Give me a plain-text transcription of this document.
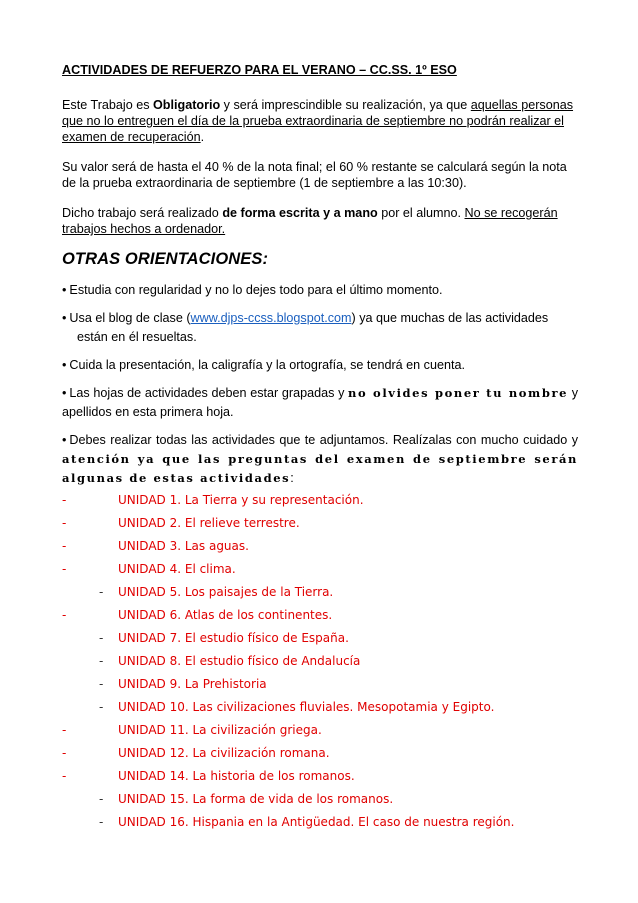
ACTIVIDADES DE REFUERZO PARA EL VERANO – CC.SS. 1º ESO

Este Trabajo es Obligatorio y será imprescindible su realización, ya que aquellas personas que no lo entreguen el día de la prueba extraordinaria de septiembre no podrán realizar el examen de recuperación.

Su valor será de hasta el 40 % de la nota final; el 60 % restante se calculará según la nota de la prueba extraordinaria de septiembre (1 de septiembre a las 10:30).

Dicho trabajo será realizado de forma escrita y a mano por el alumno. No se recogerán trabajos hechos a ordenador.

OTRAS ORIENTACIONES:
• Estudia con regularidad y no lo dejes todo para el último momento.
• Usa el blog de clase (www.djps-ccss.blogspot.com) ya que muchas de las actividades
están en él resueltas.
• Cuida la presentación, la caligrafía y la ortografía, se tendrá en cuenta.
• Las hojas de actividades deben estar grapadas y no olvides poner tu nombre y apellidos en esta primera hoja.
• Debes realizar todas las actividades que te adjuntamos. Realízalas con mucho cuidado y atención ya que las preguntas del examen de septiembre serán algunas de estas actividades:
-	UNIDAD 1. La Tierra y su representación.
-	UNIDAD 2. El relieve terrestre.
-	UNIDAD 3. Las aguas.
-	UNIDAD 4. El clima.
- UNIDAD 5. Los paisajes de la Tierra.
-	UNIDAD 6. Atlas de los continentes.
- UNIDAD 7. El estudio físico de España.
- UNIDAD 8. El estudio físico de Andalucía
- UNIDAD 9. La Prehistoria
- UNIDAD 10. Las civilizaciones fluviales. Mesopotamia y Egipto.
-	UNIDAD 11. La civilización griega.
-	UNIDAD 12. La civilización romana.
-	UNIDAD 14. La historia de los romanos.
- UNIDAD 15. La forma de vida de los romanos.
- UNIDAD 16. Hispania en la Antigüedad. El caso de nuestra región.
